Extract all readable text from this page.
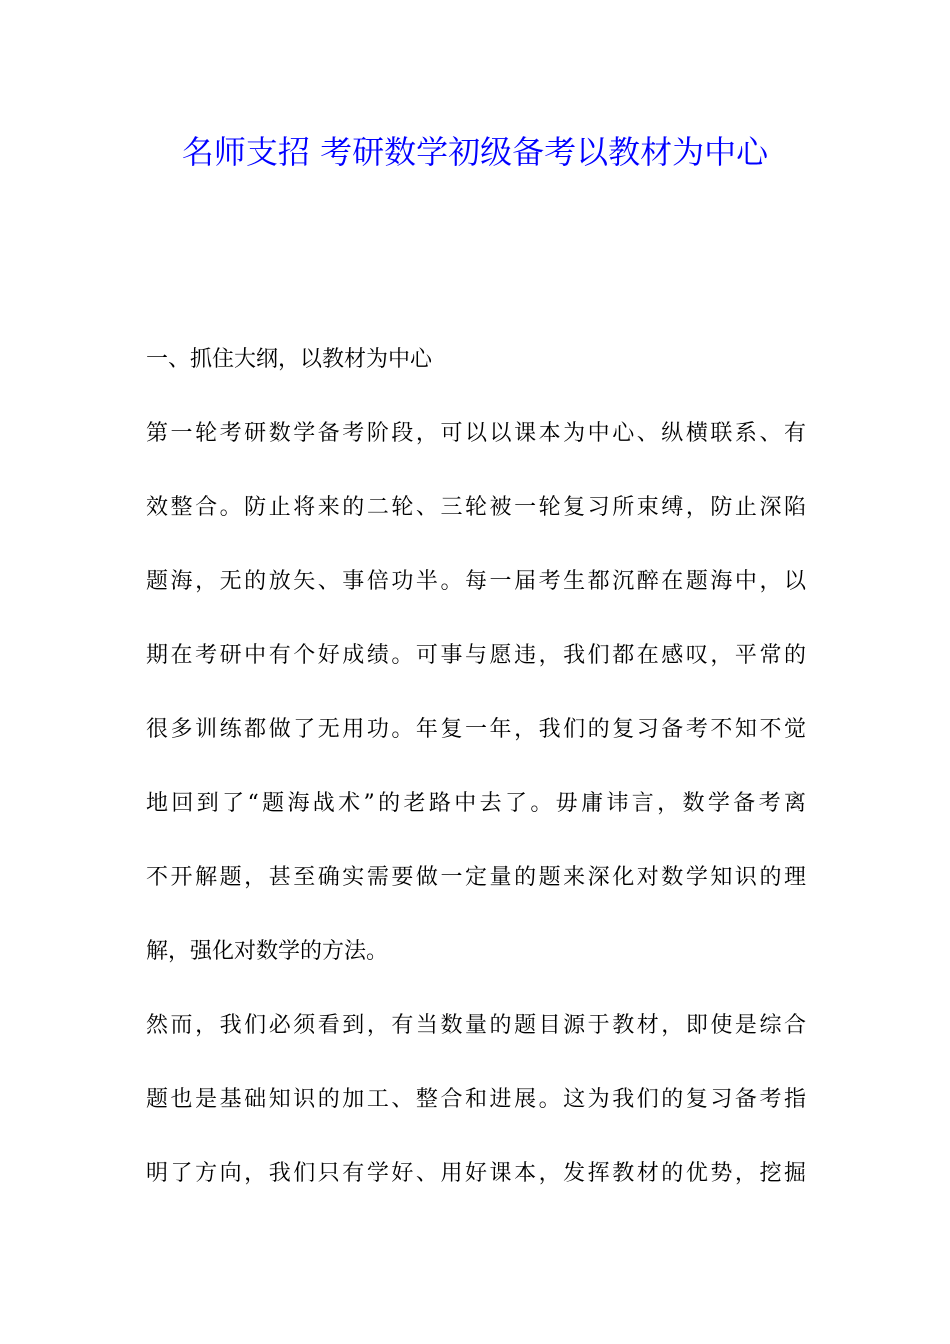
名师支招 考研数学初级备考以教材为中心
一、抓住大纲，以教材为中心
第一轮考研数学备考阶段，可以以课本为中心、纵横联系、有
效整合。防止将来的二轮、三轮被一轮复习所束缚，防止深陷
题海，无的放矢、事倍功半。每一届考生都沉醉在题海中，以
期在考研中有个好成绩。可事与愿违，我们都在感叹，平常的
很多训练都做了无用功。年复一年，我们的复习备考不知不觉
地回到了“题海战术”的老路中去了。毋庸讳言，数学备考离
不开解题，甚至确实需要做一定量的题来深化对数学知识的理
解，强化对数学的方法。
然而，我们必须看到，有当数量的题目源于教材，即使是综合
题也是基础知识的加工、整合和进展。这为我们的复习备考指
明了方向，我们只有学好、用好课本，发挥教材的优势，挖掘
